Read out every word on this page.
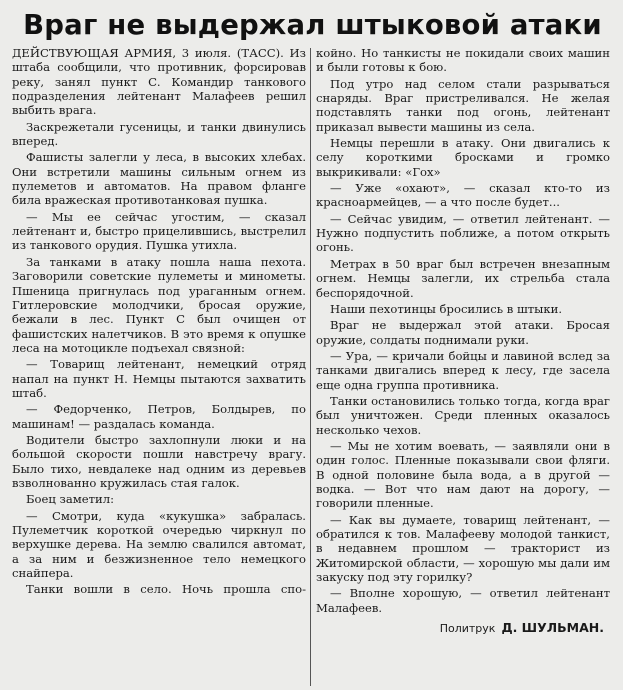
Враг не выдержал штыковой атаки

ДЕЙСТВУЮЩАЯ АРМИЯ, 3 июля. (ТАСС). Из штаба сообщили, что противник, форсировав реку, занял пункт С. Командир танкового подразделения лейтенант Малафеев решил выбить врага.

Заскрежетали гусеницы, и танки двинулись вперед.

Фашисты залегли у леса, в высоких хлебах. Они встретили машины сильным огнем из пулеметов и автоматов. На правом фланге била вражеская противотанковая пушка.

— Мы ее сейчас угостим, — сказал лейтенант и, быстро прицелившись, выстрелил из танкового орудия. Пушка утихла.

За танками в атаку пошла наша пехота. Заговорили советские пулеметы и минометы. Пшеница пригнулась под ураганным огнем. Гитлеровские молодчики, бросая оружие, бежали в лес. Пункт С был очищен от фашистских налетчиков. В это время к опушке леса на мотоцикле подъехал связной:

— Товарищ лейтенант, немецкий отряд напал на пункт Н. Немцы пытаются захватить штаб.

— Федорченко, Петров, Болдырев, по машинам! — раздалась команда.

Водители быстро захлопнули люки и на большой скорости пошли навстречу врагу. Было тихо, невдалеке над одним из деревьев взволнованно кружилась стая галок.

Боец заметил:

— Смотри, куда «кукушка» забралась. Пулеметчик короткой очередью чиркнул по верхушке дерева. На землю свалился автомат, а за ним и безжизненное тело немецкого снайпера.

Танки вошли в село. Ночь прошла спо-

койно. Но танкисты не покидали своих машин и были готовы к бою.

Под утро над селом стали разрываться снаряды. Враг пристреливался. Не желая подставлять танки под огонь, лейтенант приказал вывести машины из села.

Немцы перешли в атаку. Они двигались к селу короткими бросками и громко выкрикивали: «Гох»

— Уже «охают», — сказал кто-то из красноармейцев, — а что после будет...

— Сейчас увидим, — ответил лейтенант. — Нужно подпустить поближе, а потом открыть огонь.

Метрах в 50 враг был встречен внезапным огнем. Немцы залегли, их стрельба стала беспорядочной.

Наши пехотинцы бросились в штыки.

Враг не выдержал этой атаки. Бросая оружие, солдаты поднимали руки.

— Ура, — кричали бойцы и лавиной вслед за танками двигались вперед к лесу, где засела еще одна группа противника.

Танки остановились только тогда, когда враг был уничтожен. Среди пленных оказалось несколько чехов.

— Мы не хотим воевать, — заявляли они в один голос. Пленные показывали свои фляги. В одной половине была вода, а в другой — водка. — Вот что нам дают на дорогу, — говорили пленные.

— Как вы думаете, товарищ лейтенант, — обратился к тов. Малафееву молодой танкист, в недавнем прошлом — тракторист из Житомирской области, — хорошую мы дали им закуску под эту горилку?

— Вполне хорошую, — ответил лейтенант Малафеев.

Политрук Д. ШУЛЬМАН.
